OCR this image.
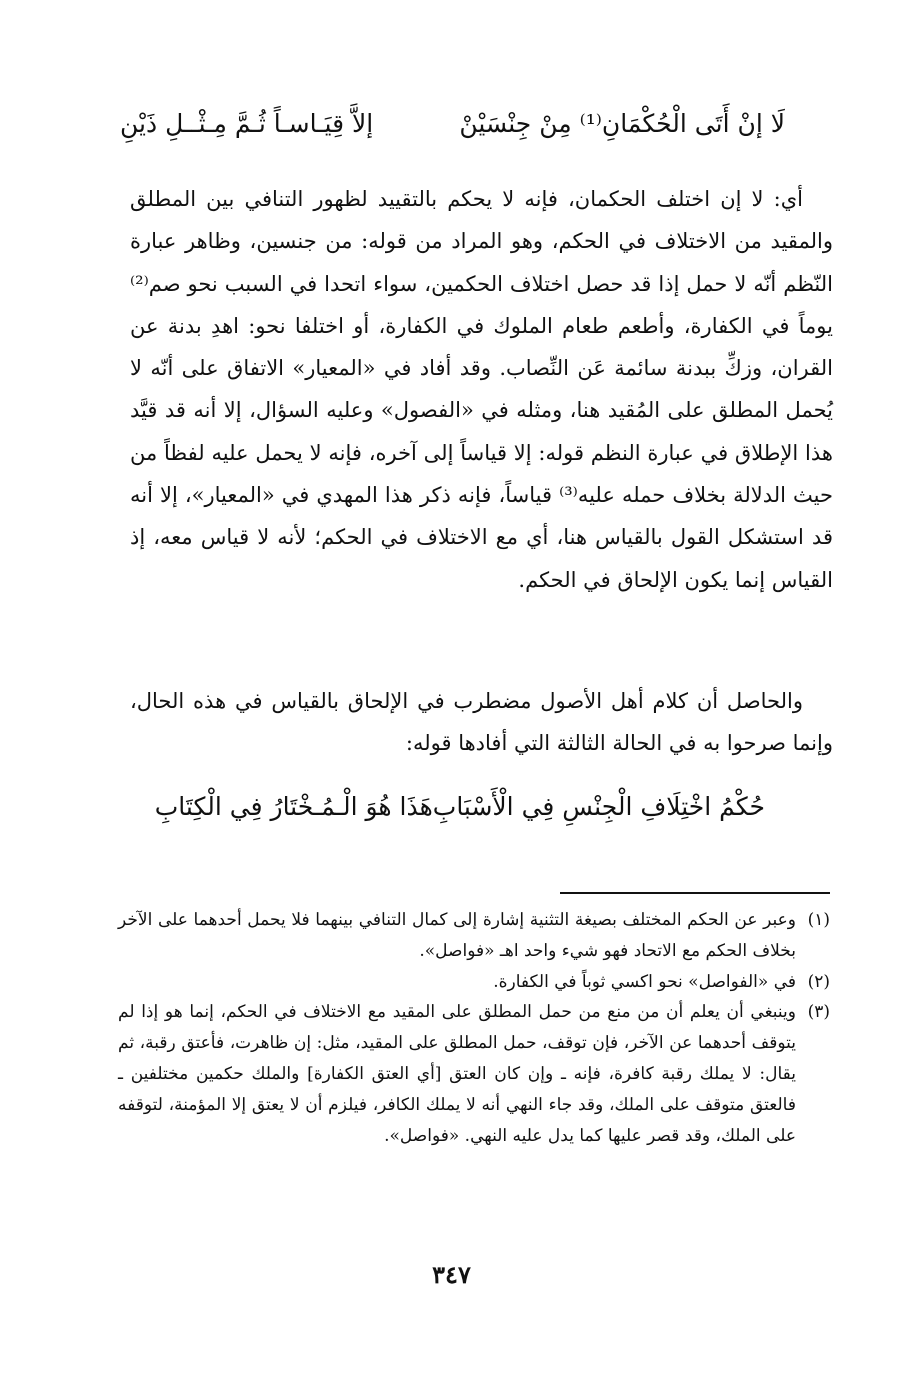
لَا إنْ أَتَى الْحُكْمَانِ⁽¹⁾ مِنْ جِنْسَيْنْ
إلاَّ قِيَـاسـاً ثُـمَّ مِـثْــلِ ذَيْنِ

أي: لا إن اختلف الحكمان، فإنه لا يحكم بالتقييد لظهور التنافي بين المطلق والمقيد من الاختلاف في الحكم، وهو المراد من قوله: من جنسين، وظاهر عبارة النّظم أنّه لا حمل إذا قد حصل اختلاف الحكمين، سواء اتحدا في السبب نحو صم⁽²⁾ يوماً في الكفارة، وأطعم طعام الملوك في الكفارة، أو اختلفا نحو: اهدِ بدنة عن القران، وزكِّ ببدنة سائمة عَن النِّصاب. وقد أفاد في «المعيار» الاتفاق على أنّه لا يُحمل المطلق على المُقيد هنا، ومثله في «الفصول» وعليه السؤال، إلا أنه قد قيَّد هذا الإطلاق في عبارة النظم قوله: إلا قياساً إلى آخره، فإنه لا يحمل عليه لفظاً من حيث الدلالة بخلاف حمله عليه⁽³⁾ قياساً، فإنه ذكر هذا المهدي في «المعيار»، إلا أنه قد استشكل القول بالقياس هنا، أي مع الاختلاف في الحكم؛ لأنه لا قياس معه، إذ القياس إنما يكون الإلحاق في الحكم.

والحاصل أن كلام أهل الأصول مضطرب في الإلحاق بالقياس في هذه الحال، وإنما صرحوا به في الحالة الثالثة التي أفادها قوله:

حُكْمُ اخْتِلَافِ الْجِنْسِ فِي الْأَسْبَابِ
هَذَا هُوَ الْـمُـخْتَارُ فِي الْكِتَابِ
(١)
وعبر عن الحكم المختلف بصيغة التثنية إشارة إلى كمال التنافي بينهما فلا يحمل أحدهما على الآخر بخلاف الحكم مع الاتحاد فهو شيء واحد اهـ «فواصل».
(٢)
في «الفواصل» نحو اكسي ثوباً في الكفارة.
(٣)
وينبغي أن يعلم أن من منع من حمل المطلق على المقيد مع الاختلاف في الحكم، إنما هو إذا لم يتوقف أحدهما عن الآخر، فإن توقف، حمل المطلق على المقيد، مثل: إن ظاهرت، فأعتق رقبة، ثم يقال: لا يملك رقبة كافرة، فإنه ـ وإن كان العتق [أي العتق الكفارة] والملك حكمين مختلفين ـ فالعتق متوقف على الملك، وقد جاء النهي أنه لا يملك الكافر، فيلزم أن لا يعتق إلا المؤمنة، لتوقفه على الملك، وقد قصر عليها كما يدل عليه النهي. «فواصل».
٣٤٧
